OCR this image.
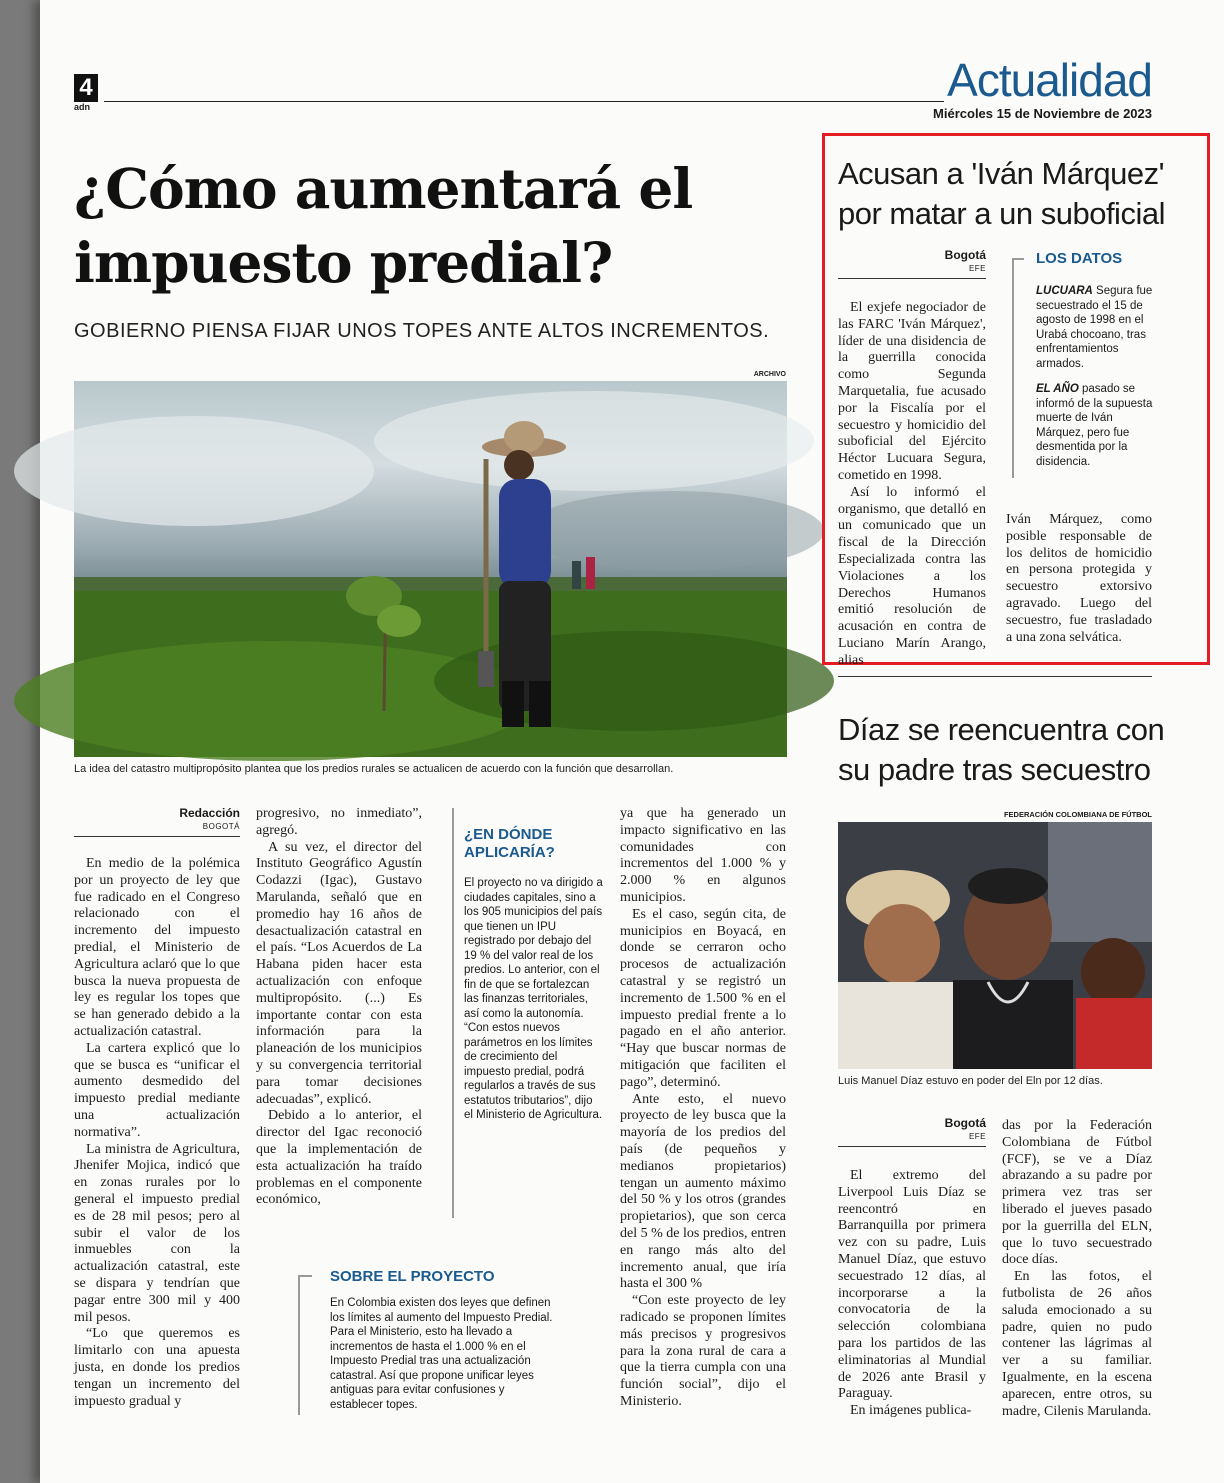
4
adn
Actualidad
Miércoles 15 de Noviembre de 2023
¿Cómo aumentará el impuesto predial?
GOBIERNO PIENSA FIJAR UNOS TOPES ANTE ALTOS INCREMENTOS.
ARCHIVO
La idea del catastro multipropósito plantea que los predios rurales se actualicen de acuerdo con la función que desarrollan.
Redacción
BOGOTÁ

En medio de la polémica por un proyecto de ley que fue radicado en el Congreso relacionado con el incremento del impuesto predial, el Ministerio de Agricultura aclaró que lo que busca la nueva propuesta de ley es regular los topes que se han generado debido a la actualización catastral.

La cartera explicó que lo que se busca es “unificar el aumento desmedido del impuesto predial mediante una actualización normativa”.

La ministra de Agricultura, Jhenifer Mojica, indicó que en zonas rurales por lo general el impuesto predial es de 28 mil pesos; pero al subir el valor de los inmuebles con la actualización catastral, este se dispara y tendrían que pagar entre 300 mil y 400 mil pesos.

“Lo que queremos es limitarlo con una apuesta justa, en donde los predios tengan un incremento del impuesto gradual y

progresivo, no inmediato”, agregó.

A su vez, el director del Instituto Geográfico Agustín Codazzi (Igac), Gustavo Marulanda, señaló que en promedio hay 16 años de desactualización catastral en el país. “Los Acuerdos de La Habana piden hacer esta actualización con enfoque multipropósito. (...) Es importante contar con esta información para la planeación de los municipios y su convergencia territorial para tomar decisiones adecuadas”, explicó.

Debido a lo anterior, el director del Igac reconoció que la implementación de esta actualización ha traído problemas en el componente económico,

¿EN DÓNDE APLICARÍA?
El proyecto no va dirigido a ciudades capitales, sino a los 905 municipios del país que tienen un IPU registrado por debajo del 19 % del valor real de los predios. Lo anterior, con el fin de que se fortalezcan las finanzas territoriales, así como la autonomía. “Con estos nuevos parámetros en los límites de crecimiento del impuesto predial, podrá regularlos a través de sus estatutos tributarios”, dijo el Ministerio de Agricultura.

ya que ha generado un impacto significativo en las comunidades con incrementos del 1.000 % y 2.000 % en algunos municipios.

Es el caso, según cita, de municipios en Boyacá, en donde se cerraron ocho procesos de actualización catastral y se registró un incremento de 1.500 % en el impuesto predial frente a lo pagado en el año anterior. “Hay que buscar normas de mitigación que faciliten el pago”, determinó.

Ante esto, el nuevo proyecto de ley busca que la mayoría de los predios del país (de pequeños y medianos propietarios) tengan un aumento máximo del 50 % y los otros (grandes propietarios), que son cerca del 5 % de los predios, entren en rango más alto del incremento anual, que iría hasta el 300 %

“Con este proyecto de ley radicado se proponen límites más precisos y progresivos para la zona rural de cara a que la tierra cumpla con una función social”, dijo el Ministerio.

SOBRE EL PROYECTO
En Colombia existen dos leyes que definen los límites al aumento del Impuesto Predial. Para el Ministerio, esto ha llevado a incrementos de hasta el 1.000 % en el Impuesto Predial tras una actualización catastral. Así que propone unificar leyes antiguas para evitar confusiones y establecer topes.
Acusan a 'Iván Márquez' por matar a un suboficial
Bogotá
EFE

El exjefe negociador de las FARC 'Iván Márquez', líder de una disidencia de la guerrilla conocida como Segunda Marquetalia, fue acusado por la Fiscalía por el secuestro y homicidio del suboficial del Ejército Héctor Lucuara Segura, cometido en 1998.

Así lo informó el organismo, que detalló en un comunicado que un fiscal de la Dirección Especializada contra las Violaciones a los Derechos Humanos emitió resolución de acusación en contra de Luciano Marín Arango, alias

LOS DATOS
LUCUARA Segura fue secuestrado el 15 de agosto de 1998 en el Urabá chocoano, tras enfrentamientos armados.
EL AÑO pasado se informó de la supuesta muerte de Iván Márquez, pero fue desmentida por la disidencia.

Iván Márquez, como posible responsable de los delitos de homicidio en persona protegida y secuestro extorsivo agravado. Luego del secuestro, fue trasladado a una zona selvática.

Díaz se reencuentra con su padre tras secuestro
FEDERACIÓN COLOMBIANA DE FÚTBOL
Luis Manuel Díaz estuvo en poder del Eln por 12 días.
Bogotá
EFE

El extremo del Liverpool Luis Díaz se reencontró en Barranquilla por primera vez con su padre, Luis Manuel Díaz, que estuvo secuestrado 12 días, al incorporarse a la convocatoria de la selección colombiana para los partidos de las eliminatorias al Mundial de 2026 ante Brasil y Paraguay.

En imágenes publica-

das por la Federación Colombiana de Fútbol (FCF), se ve a Díaz abrazando a su padre por primera vez tras ser liberado el jueves pasado por la guerrilla del ELN, que lo tuvo secuestrado doce días.

En las fotos, el futbolista de 26 años saluda emocionado a su padre, quien no pudo contener las lágrimas al ver a su familiar. Igualmente, en la escena aparecen, entre otros, su madre, Cilenis Marulanda.
